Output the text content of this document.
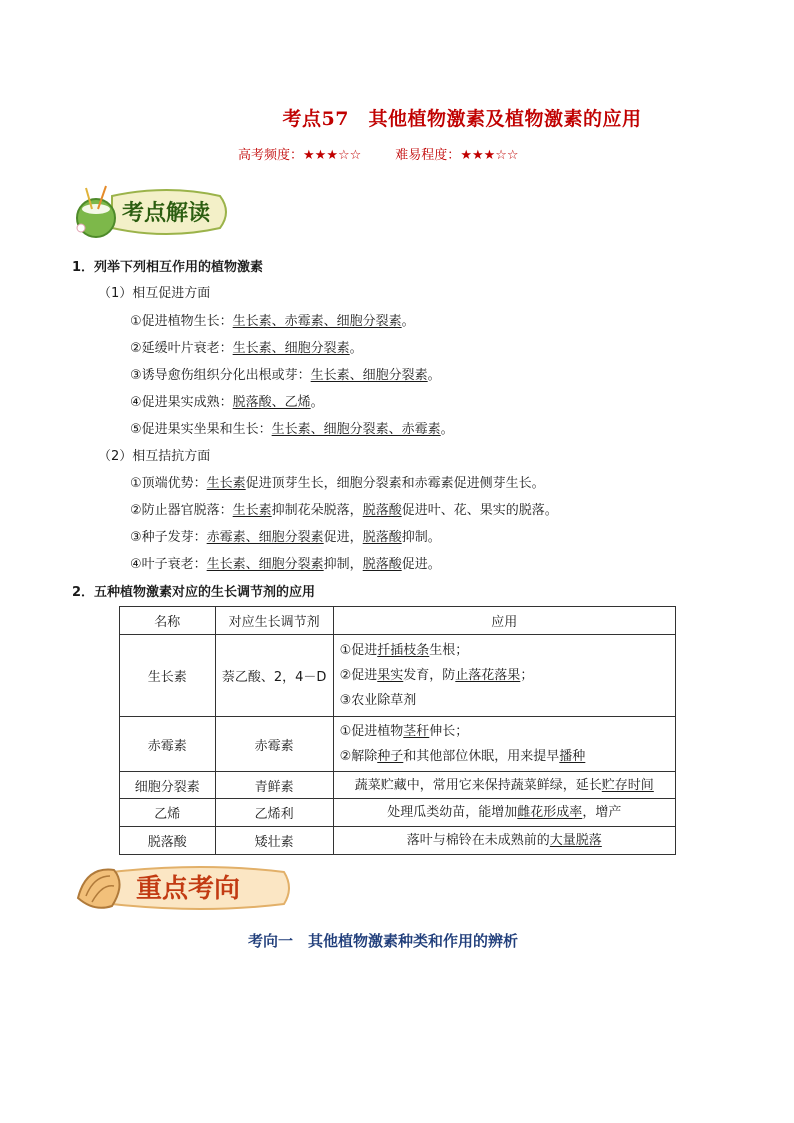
考点57　其他植物激素及植物激素的应用
高考频度：★★★☆☆	难易程度：★★★☆☆
考点解读
1．列举下列相互作用的植物激素
（1）相互促进方面
①促进植物生长：生长素、赤霉素、细胞分裂素。
②延缓叶片衰老：生长素、细胞分裂素。
③诱导愈伤组织分化出根或芽：生长素、细胞分裂素。
④促进果实成熟：脱落酸、乙烯。
⑤促进果实坐果和生长：生长素、细胞分裂素、赤霉素。
（2）相互拮抗方面
①顶端优势：生长素促进顶芽生长，细胞分裂素和赤霉素促进侧芽生长。
②防止器官脱落：生长素抑制花朵脱落，脱落酸促进叶、花、果实的脱落。
③种子发芽：赤霉素、细胞分裂素促进，脱落酸抑制。
④叶子衰老：生长素、细胞分裂素抑制，脱落酸促进。
2．五种植物激素对应的生长调节剂的应用
名称	对应生长调节剂	应用
生长素	萘乙酸、2，4－D	①促进扦插枝条生根；
②促进果实发育，防止落花落果；
③农业除草剂

赤霉素	赤霉素	①促进植物茎秆伸长；
②解除种子和其他部位休眠，用来提早播种

细胞分裂素	青鲜素	蔬菜贮藏中，常用它来保持蔬菜鲜绿，延长贮存时间

乙烯	乙烯利	处理瓜类幼苗，能增加雌花形成率，增产

脱落酸	矮壮素	落叶与棉铃在未成熟前的大量脱落
重点考向
考向一　其他植物激素种类和作用的辨析
